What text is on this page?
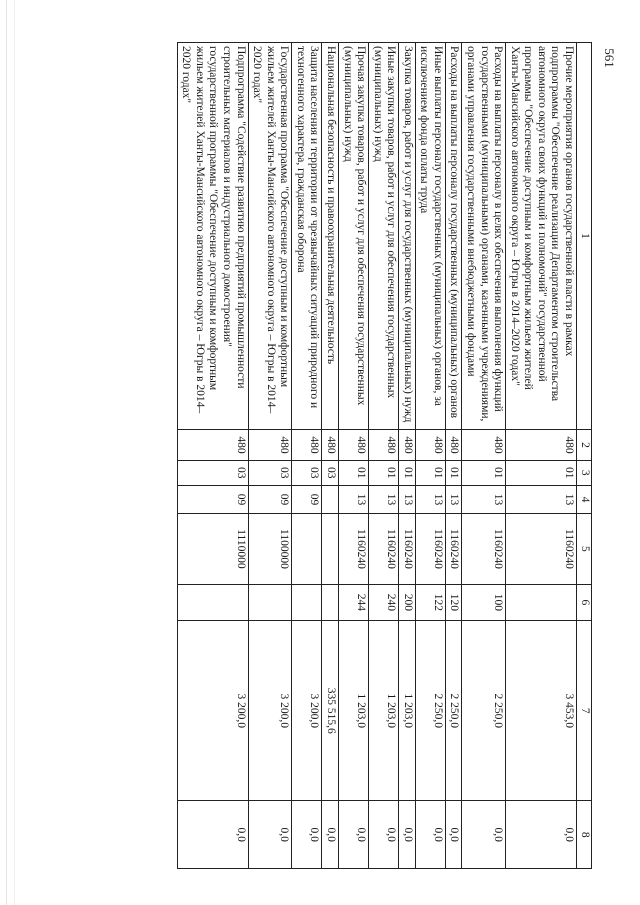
561
1	2	3	4	5	6	7	8
Прочие мероприятия органов государственной власти в рамках подпрограммы "Обеспечение реализации Департаментом строительства автономного округа своих функций и полномочий" государственной программы "Обеспечение доступным и комфортным жильем жителей Ханты-Мансийского автономного округа – Югры в 2014–2020 годах"	480	01	13	1160240		3 453,0	0,0
Расходы на выплаты персоналу в целях обеспечения выполнения функций государственными (муниципальными) органами, казенными учреждениями, органами управления государственными внебюджетными фондами	480	01	13	1160240	100	2 250,0	0,0
Расходы на выплаты персоналу государственных (муниципальных) органов	480	01	13	1160240	120	2 250,0	0,0
Иные выплаты персоналу государственных (муниципальных) органов, за исключением фонда оплаты труда	480	01	13	1160240	122	2 250,0	0,0
Закупка товаров, работ и услуг для государственных (муниципальных) нужд	480	01	13	1160240	200	1 203,0	0,0
Иные закупки товаров, работ и услуг для обеспечения государственных (муниципальных) нужд	480	01	13	1160240	240	1 203,0	0,0
Прочая закупка товаров, работ и услуг для обеспечения государственных (муниципальных) нужд	480	01	13	1160240	244	1 203,0	0,0
Национальная безопасность и правоохранительная деятельность	480	03				335 515,6	0,0
Защита населения и территории от чрезвычайных ситуаций природного и техногенного характера, гражданская оборона	480	03	09			3 200,0	0,0
Государственная программа "Обеспечение доступным и комфортным жильем жителей Ханты-Мансийского автономного округа – Югры в 2014–2020 годах"	480	03	09	1100000		3 200,0	0,0
Подпрограмма "Содействие развитию предприятий промышленности строительных материалов и индустриального домостроения" государственной программы "Обеспечение доступным и комфортным жильем жителей Ханты-Мансийского автономного округа – Югры в 2014–2020 годах"	480	03	09	1110000		3 200,0	0,0
